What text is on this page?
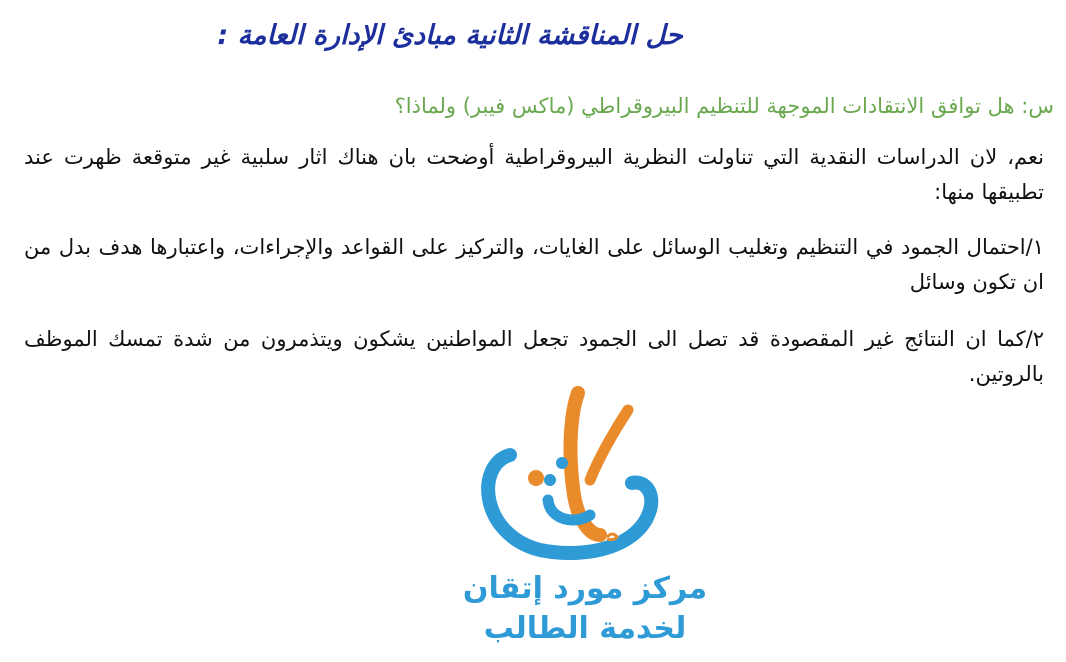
حل المناقشة الثانية مبادئ الإدارة العامة :
س: هل توافق الانتقادات الموجهة للتنظيم البيروقراطي (ماكس فيبر) ولماذا؟
نعم، لان الدراسات النقدية التي تناولت النظرية البيروقراطية أوضحت بان هناك اثار سلبية غير متوقعة ظهرت عند تطبيقها منها:
١/احتمال الجمود في التنظيم وتغليب الوسائل على الغايات، والتركيز على القواعد والإجراءات، واعتبارها هدف بدل من ان تكون وسائل
٢/كما ان النتائج غير المقصودة قد تصل الى الجمود تجعل المواطنين يشكون ويتذمرون من شدة تمسك الموظف بالروتين.
مركز مورد إتقان
لخدمة الطالب
